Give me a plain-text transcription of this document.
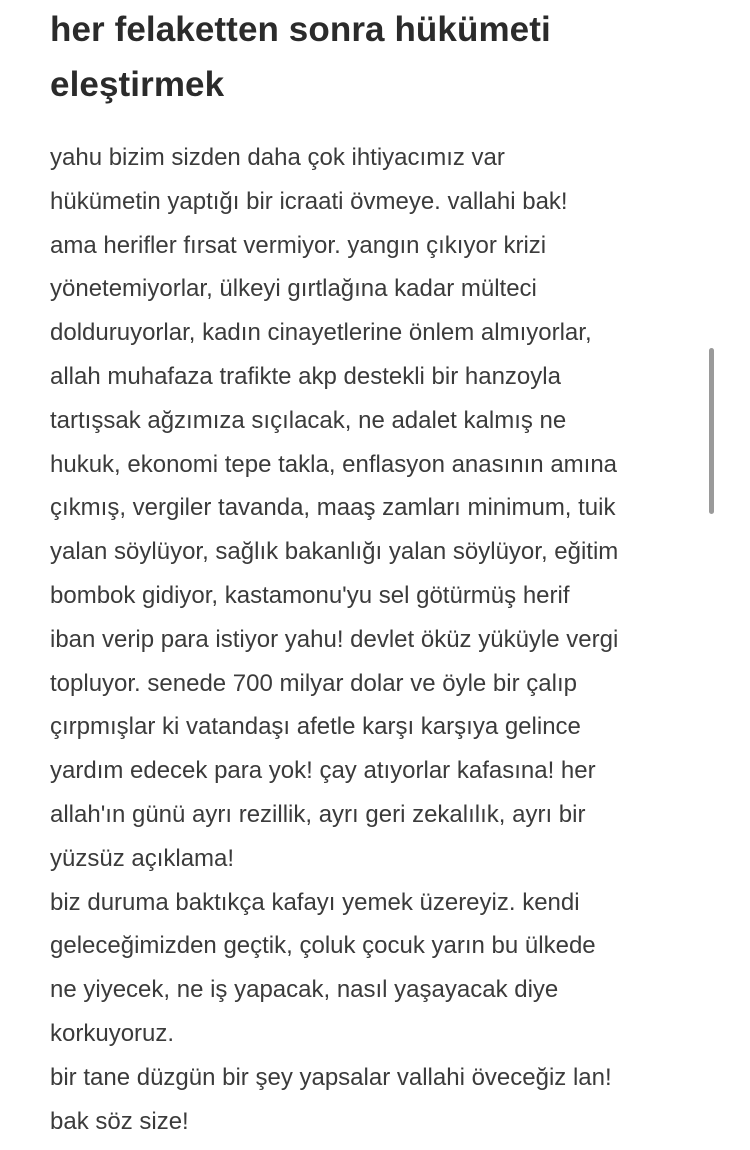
her felaketten sonra hükümeti
eleştirmek
yahu bizim sizden daha çok ihtiyacımız var
hükümetin yaptığı bir icraati övmeye. vallahi bak!
ama herifler fırsat vermiyor. yangın çıkıyor krizi
yönetemiyorlar, ülkeyi gırtlağına kadar mülteci
dolduruyorlar, kadın cinayetlerine önlem almıyorlar,
allah muhafaza trafikte akp destekli bir hanzoyla
tartışsak ağzımıza sıçılacak, ne adalet kalmış ne
hukuk, ekonomi tepe takla, enflasyon anasının amına
çıkmış, vergiler tavanda, maaş zamları minimum, tuik
yalan söylüyor, sağlık bakanlığı yalan söylüyor, eğitim
bombok gidiyor, kastamonu'yu sel götürmüş herif
iban verip para istiyor yahu! devlet öküz yüküyle vergi
topluyor. senede 700 milyar dolar ve öyle bir çalıp
çırpmışlar ki vatandaşı afetle karşı karşıya gelince
yardım edecek para yok! çay atıyorlar kafasına! her
allah'ın günü ayrı rezillik, ayrı geri zekalılık, ayrı bir
yüzsüz açıklama!
biz duruma baktıkça kafayı yemek üzereyiz. kendi
geleceğimizden geçtik, çoluk çocuk yarın bu ülkede
ne yiyecek, ne iş yapacak, nasıl yaşayacak diye
korkuyoruz.
bir tane düzgün bir şey yapsalar vallahi öveceğiz lan!
bak söz size!
